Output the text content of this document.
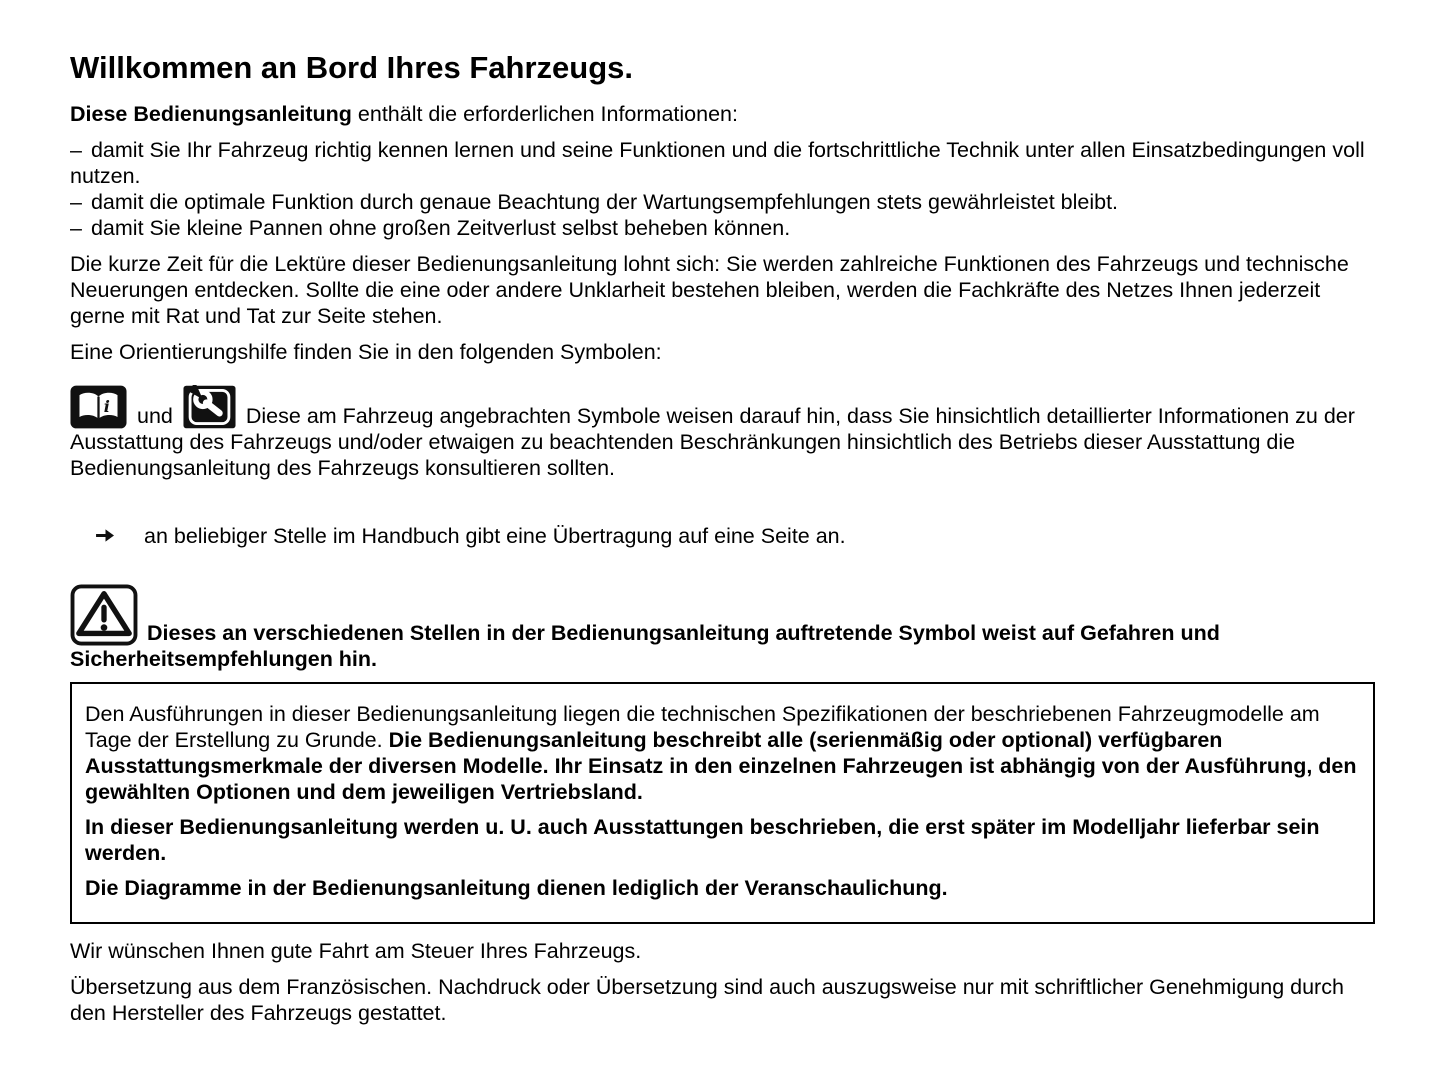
Willkommen an Bord Ihres Fahrzeugs.

Diese Bedienungsanleitung enthält die erforderlichen Informationen:

– damit Sie Ihr Fahrzeug richtig kennen lernen und seine Funktionen und die fortschrittliche Technik unter allen Einsatzbedingungen voll nutzen.

– damit die optimale Funktion durch genaue Beachtung der Wartungsempfehlungen stets gewährleistet bleibt.

– damit Sie kleine Pannen ohne großen Zeitverlust selbst beheben können.

Die kurze Zeit für die Lektüre dieser Bedienungsanleitung lohnt sich: Sie werden zahlreiche Funktionen des Fahrzeugs und technische Neuerungen entdecken. Sollte die eine oder andere Unklarheit bestehen bleiben, werden die Fachkräfte des Netzes Ihnen jederzeit gerne mit Rat und Tat zur Seite stehen.

Eine Orientierungshilfe finden Sie in den folgenden Symbolen:

i und	Diese am Fahrzeug angebrachten Symbole weisen darauf hin, dass Sie hinsichtlich detaillierter Informationen zu der Ausstattung des Fahrzeugs und/oder etwaigen zu beachtenden Beschränkungen hinsichtlich des Betriebs dieser Ausstattung die Bedienungsanleitung des Fahrzeugs konsultieren sollten.

an beliebiger Stelle im Handbuch gibt eine Übertragung auf eine Seite an.

Dieses an verschiedenen Stellen in der Bedienungsanleitung auftretende Symbol weist auf Gefahren und Sicherheitsempfehlungen hin.

Den Ausführungen in dieser Bedienungsanleitung liegen die technischen Spezifikationen der beschriebenen Fahrzeugmodelle am Tage der Erstellung zu Grunde. Die Bedienungsanleitung beschreibt alle (serienmäßig oder optional) verfügbaren Ausstattungsmerkmale der diversen Modelle. Ihr Einsatz in den einzelnen Fahrzeugen ist abhängig von der Ausführung, den gewählten Optionen und dem jeweiligen Vertriebsland.

In dieser Bedienungsanleitung werden u. U. auch Ausstattungen beschrieben, die erst später im Modelljahr lieferbar sein werden.

Die Diagramme in der Bedienungsanleitung dienen lediglich der Veranschaulichung.

Wir wünschen Ihnen gute Fahrt am Steuer Ihres Fahrzeugs.

Übersetzung aus dem Französischen. Nachdruck oder Übersetzung sind auch auszugsweise nur mit schriftlicher Genehmigung durch den Hersteller des Fahrzeugs gestattet.
